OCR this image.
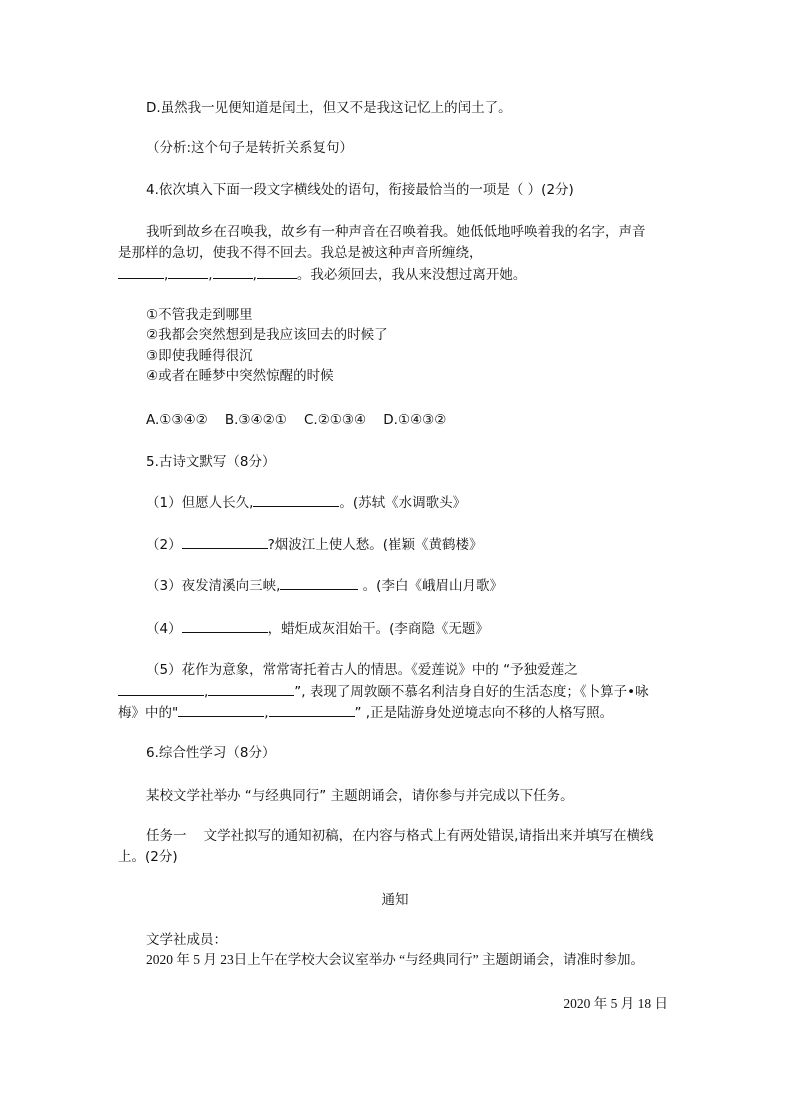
D.虽然我一见便知道是闰土，但又不是我这记忆上的闰土了。
（分析:这个句子是转折关系复句）
4.依次填入下面一段文字横线处的语句，衔接最恰当的一项是（ ）(2分)
我听到故乡在召唤我，故乡有一种声音在召唤着我。她低低地呼唤着我的名字，声音
是那样的急切，使我不得不回去。我总是被这种声音所缠绕，
,	,	,	。我必须回去，我从来没想过离开她。
①不管我走到哪里
②我都会突然想到是我应该回去的时候了
③即使我睡得很沉
④或者在睡梦中突然惊醒的时候
A.①③④②    B.③④②①    C.②①③④    D.①④③②
5.古诗文默写（8分）
（1）但愿人长久,	。(苏轼《水调歌头》
（2）	?烟波江上使人愁。(崔颖《黄鹤楼》
（3）夜发清溪向三峡,	。(李白《峨眉山月歌》
（4）	，蜡炬成灰泪始干。(李商隐《无题》
（5）花作为意象，常常寄托着古人的情思。《爱莲说》中的 “予独爱莲之
,	”, 表现了周敦颐不慕名利洁身自好的生活态度；《卜算子•咏
梅》中的"	,	” ,正是陆游身处逆境志向不移的人格写照。
6.综合性学习（8分）
某校文学社举办 “与经典同行” 主题朗诵会，请你参与并完成以下任务。
任务一    文学社拟写的通知初稿，在内容与格式上有两处错误,请指出来并填写在横线
上。(2分)
通知
文学社成员：
2020 年 5 月 23日上午在学校大会议室举办 “与经典同行” 主题朗诵会，请准时参加。
2020 年 5 月 18 日
